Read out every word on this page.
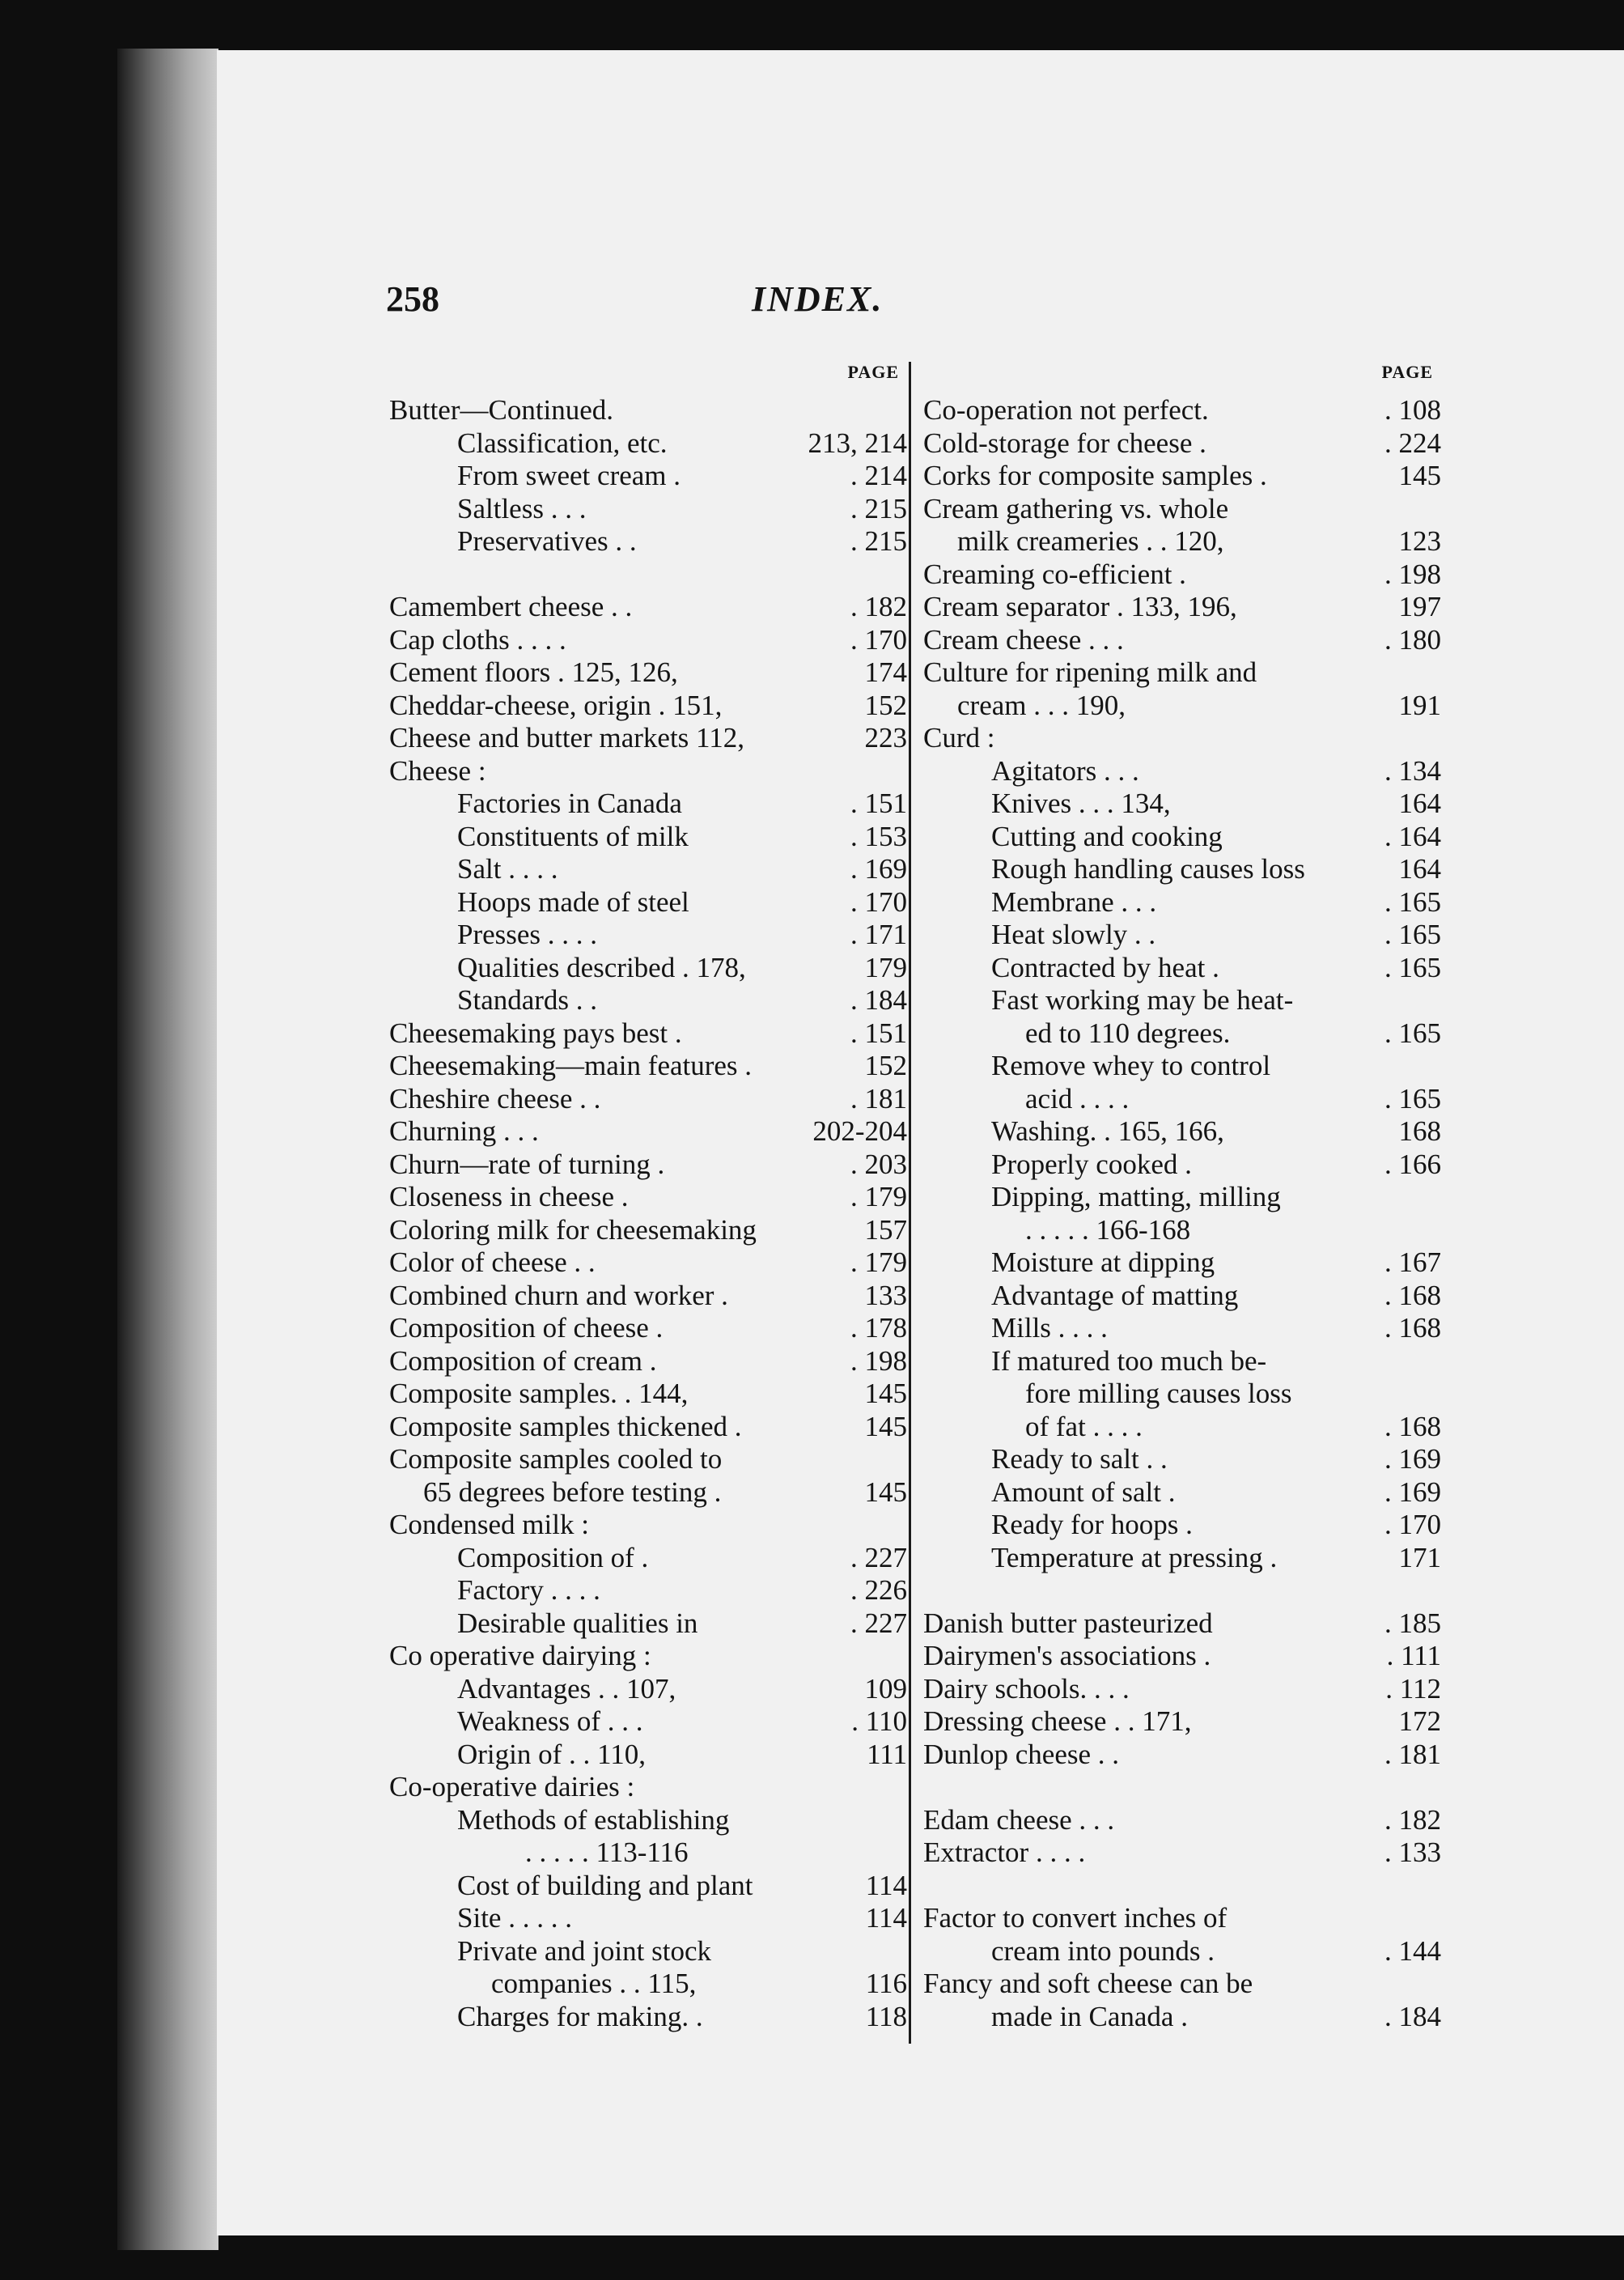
258	INDEX.
PAGE
Butter—Continued.
Classification, etc.	213, 214
From sweet cream .	. 214
Saltless . . .	. 215
Preservatives . .	. 215
Camembert cheese . .	. 182
Cap cloths . . . .	. 170
Cement floors . 125, 126,	174
Cheddar-cheese, origin . 151,	152
Cheese and butter markets 112,	223
Cheese :
Factories in Canada	. 151
Constituents of milk	. 153
Salt . . . .	. 169
Hoops made of steel	. 170
Presses . . . .	. 171
Qualities described . 178,	179
Standards . .	. 184
Cheesemaking pays best .	. 151
Cheesemaking—main features .	152
Cheshire cheese . .	. 181
Churning . . .	202-204
Churn—rate of turning .	. 203
Closeness in cheese .	. 179
Coloring milk for cheesemaking	157
Color of cheese . .	. 179
Combined churn and worker .	133
Composition of cheese .	. 178
Composition of cream .	. 198
Composite samples. . 144,	145
Composite samples thickened .	145
Composite samples cooled to
65 degrees before testing .	145
Condensed milk :
Composition of .	. 227
Factory . . . .	. 226
Desirable qualities in	. 227
Co operative dairying :
Advantages . . 107,	109
Weakness of . . .	. 110
Origin of . . 110,	111
Co-operative dairies :
Methods of establishing
. . . . . 113-116
Cost of building and plant	114
Site . . . . .	114
Private and joint stock
companies . . 115,	116
Charges for making. .	118
PAGE
Co-operation not perfect.	. 108
Cold-storage for cheese .	. 224
Corks for composite samples .	145
Cream gathering vs. whole
milk creameries . . 120,	123
Creaming co-efficient .	. 198
Cream separator . 133, 196,	197
Cream cheese . . .	. 180
Culture for ripening milk and
cream . . . 190,	191
Curd :
Agitators . . .	. 134
Knives . . . 134,	164
Cutting and cooking	. 164
Rough handling causes loss	164
Membrane . . .	. 165
Heat slowly . .	. 165
Contracted by heat .	. 165
Fast working may be heat-
ed to 110 degrees.	. 165
Remove whey to control
acid . . . .	. 165
Washing. . 165, 166,	168
Properly cooked .	. 166
Dipping, matting, milling
. . . . . 166-168
Moisture at dipping	. 167
Advantage of matting	. 168
Mills . . . .	. 168
If matured too much be-
fore milling causes loss
of fat . . . .	. 168
Ready to salt . .	. 169
Amount of salt .	. 169
Ready for hoops .	. 170
Temperature at pressing .	171
Danish butter pasteurized	. 185
Dairymen's associations .	. 111
Dairy schools. . . .	. 112
Dressing cheese . . 171,	172
Dunlop cheese . .	. 181
Edam cheese . . .	. 182
Extractor . . . .	. 133
Factor to convert inches of
cream into pounds .	. 144
Fancy and soft cheese can be
made in Canada .	. 184
